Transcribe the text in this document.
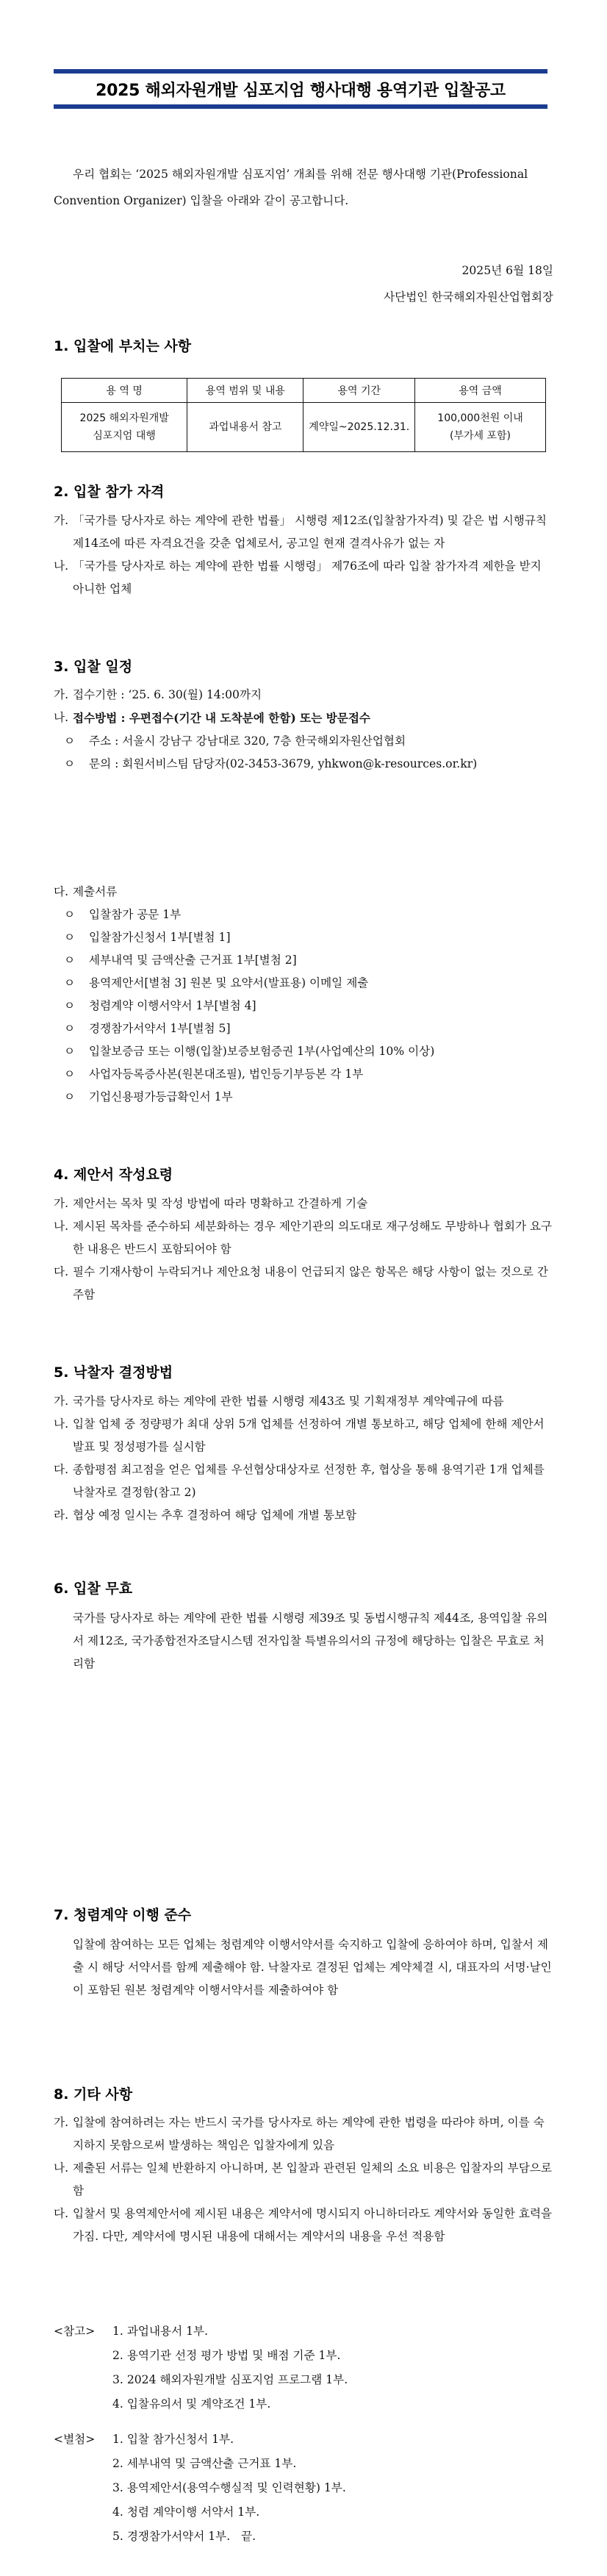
2025 해외자원개발 심포지엄 행사대행 용역기관 입찰공고
우리 협회는 ‘2025 해외자원개발 심포지엄’ 개최를 위해 전문 행사대행 기관(Professional Convention Organizer) 입찰을 아래와 같이 공고합니다.
2025년 6월 18일
사단법인 한국해외자원산업협회장
1. 입찰에 부치는 사항
용 역 명	용역 범위 및 내용	용역 기간	용역 금액
2025 해외자원개발
심포지엄 대행	과업내용서 참고	계약일~2025.12.31.	100,000천원 이내
(부가세 포함)
2. 입찰 참가 자격
가. 「국가를 당사자로 하는 계약에 관한 법률」 시행령 제12조(입찰참가자격) 및 같은 법 시행규칙 제14조에 따른 자격요건을 갖춘 업체로서, 공고일 현재 결격사유가 없는 자
나. 「국가를 당사자로 하는 계약에 관한 법률 시행령」 제76조에 따라 입찰 참가자격 제한을 받지 아니한 업체
3. 입찰 일정
가. 접수기한 : ‘25. 6. 30(월) 14:00까지
나. 접수방법 : 우편접수(기간 내 도착분에 한함) 또는 방문접수
ㅇ 주소 : 서울시 강남구 강남대로 320, 7층 한국해외자원산업협회
ㅇ 문의 : 회원서비스팀 담당자(02-3453-3679, yhkwon@k-resources.or.kr)
다. 제출서류
ㅇ 입찰참가 공문 1부
ㅇ 입찰참가신청서 1부[별첨 1]
ㅇ 세부내역 및 금액산출 근거표 1부[별첨 2]
ㅇ 용역제안서[별첨 3] 원본 및 요약서(발표용) 이메일 제출
ㅇ 청렴계약 이행서약서 1부[별첨 4]
ㅇ 경쟁참가서약서 1부[별첨 5]
ㅇ 입찰보증금 또는 이행(입찰)보증보험증권 1부(사업예산의 10% 이상)
ㅇ 사업자등록증사본(원본대조필), 법인등기부등본 각 1부
ㅇ 기업신용평가등급확인서 1부
4. 제안서 작성요령
가. 제안서는 목차 및 작성 방법에 따라 명확하고 간결하게 기술
나. 제시된 목차를 준수하되 세분화하는 경우 제안기관의 의도대로 재구성해도 무방하나 협회가 요구한 내용은 반드시 포함되어야 함
다. 필수 기재사항이 누락되거나 제안요청 내용이 언급되지 않은 항목은 해당 사항이 없는 것으로 간주함
5. 낙찰자 결정방법
가. 국가를 당사자로 하는 계약에 관한 법률 시행령 제43조 및 기획재정부 계약예규에 따름
나. 입찰 업체 중 정량평가 최대 상위 5개 업체를 선정하여 개별 통보하고, 해당 업체에 한해 제안서 발표 및 정성평가를 실시함
다. 종합평점 최고점을 얻은 업체를 우선협상대상자로 선정한 후, 협상을 통해 용역기관 1개 업체를 낙찰자로 결정함(참고 2)
라. 협상 예정 일시는 추후 결정하여 해당 업체에 개별 통보함
6. 입찰 무효
국가를 당사자로 하는 계약에 관한 법률 시행령 제39조 및 동법시행규칙 제44조, 용역입찰 유의서 제12조, 국가종합전자조달시스템 전자입찰 특별유의서의 규정에 해당하는 입찰은 무효로 처리함
7. 청렴계약 이행 준수
입찰에 참여하는 모든 업체는 청렴계약 이행서약서를 숙지하고 입찰에 응하여야 하며, 입찰서 제출 시 해당 서약서를 함께 제출해야 함. 낙찰자로 결정된 업체는 계약체결 시, 대표자의 서명·날인이 포함된 원본 청렴계약 이행서약서를 제출하여야 함
8. 기타 사항
가. 입찰에 참여하려는 자는 반드시 국가를 당사자로 하는 계약에 관한 법령을 따라야 하며, 이를 숙지하지 못함으로써 발생하는 책임은 입찰자에게 있음
나. 제출된 서류는 일체 반환하지 아니하며, 본 입찰과 관련된 일체의 소요 비용은 입찰자의 부담으로 함
다. 입찰서 및 용역제안서에 제시된 내용은 계약서에 명시되지 아니하더라도 계약서와 동일한 효력을 가짐. 다만, 계약서에 명시된 내용에 대해서는 계약서의 내용을 우선 적용함
<참고> 1. 과업내용서 1부.
2. 용역기관 선정 평가 방법 및 배점 기준 1부.
3. 2024 해외자원개발 심포지엄 프로그램 1부.
4. 입찰유의서 및 계약조건 1부.
<별첨> 1. 입찰 참가신청서 1부.
2. 세부내역 및 금액산출 근거표 1부.
3. 용역제안서(용역수행실적 및 인력현황) 1부.
4. 청렴 계약이행 서약서 1부.
5. 경쟁참가서약서 1부.   끝.
